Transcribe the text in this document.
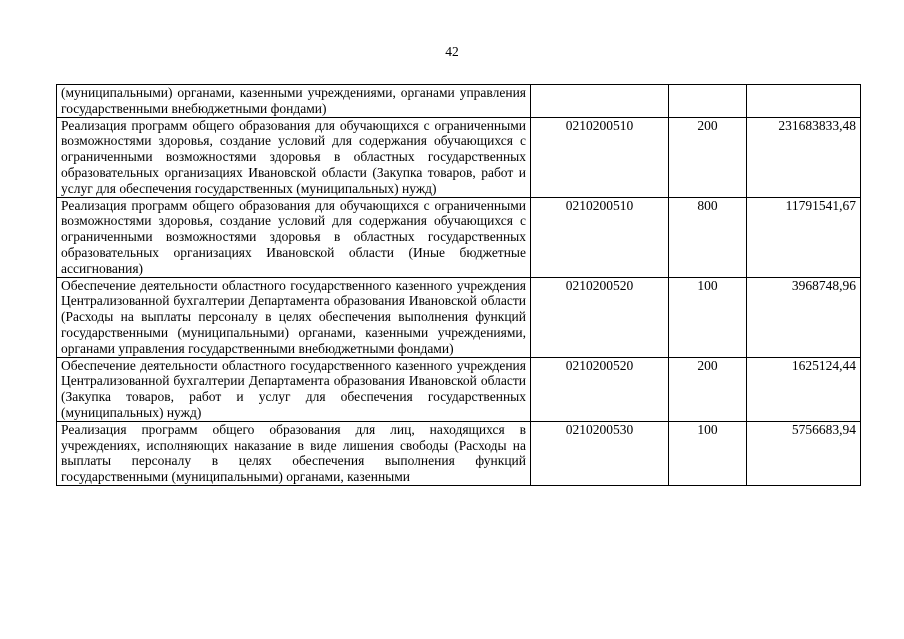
42
(муниципальными) органами, казенными учреждениями, органами управления государственными внебюджетными фондами)			
Реализация программ общего образования для обучающихся с ограниченными возможностями здоровья, создание условий для содержания обучающихся с ограниченными возможностями здоровья в областных государственных образовательных организациях Ивановской области (Закупка товаров, работ и услуг для обеспечения государственных (муниципальных) нужд)	0210200510	200	231683833,48
Реализация программ общего образования для обучающихся с ограниченными возможностями здоровья, создание условий для содержания обучающихся с ограниченными возможностями здоровья в областных государственных образовательных организациях Ивановской области (Иные бюджетные ассигнования)	0210200510	800	11791541,67
Обеспечение деятельности областного государственного казенного учреждения Централизованной бухгалтерии Департамента образования Ивановской области (Расходы на выплаты персоналу в целях обеспечения выполнения функций государственными (муниципальными) органами, казенными учреждениями, органами управления государственными внебюджетными фондами)	0210200520	100	3968748,96
Обеспечение деятельности областного государственного казенного учреждения Централизованной бухгалтерии Департамента образования Ивановской области (Закупка товаров, работ и услуг для обеспечения государственных (муниципальных) нужд)	0210200520	200	1625124,44
Реализация программ общего образования для лиц, находящихся в учреждениях, исполняющих наказание в виде лишения свободы (Расходы на выплаты персоналу в целях обеспечения выполнения функций государственными (муниципальными) органами, казенными	0210200530	100	5756683,94
